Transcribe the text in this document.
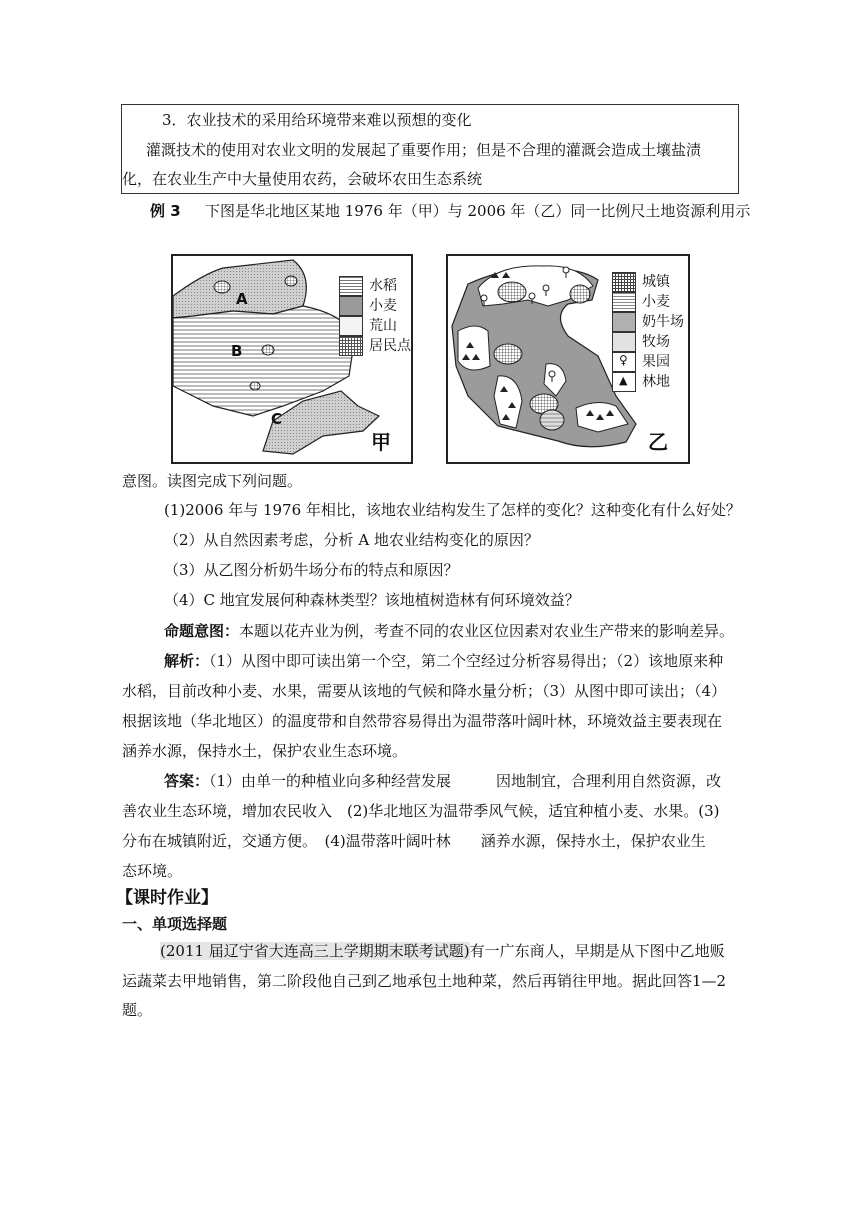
3．农业技术的采用给环境带来难以预想的变化
灌溉技术的使用对农业文明的发展起了重要作用；但是不合理的灌溉会造成土壤盐渍
化，在农业生产中大量使用农药，会破坏农田生态系统
例 3 下图是华北地区某地 1976 年（甲）与 2006 年（乙）同一比例尺土地资源利用示
A
B
C
甲
水稻
小麦
荒山
居民点
乙
城镇
小麦
奶牛场
牧场
♀ 果园
▲ 林地
意图。读图完成下列问题。
(1)2006 年与 1976 年相比，该地农业结构发生了怎样的变化？这种变化有什么好处？
（2）从自然因素考虑，分析 A 地农业结构变化的原因？
（3）从乙图分析奶牛场分布的特点和原因？
（4）C 地宜发展何种森林类型？该地植树造林有何环境效益？
命题意图：本题以花卉业为例，考查不同的农业区位因素对农业生产带来的影响差异。
解析：（1）从图中即可读出第一个空，第二个空经过分析容易得出；（2）该地原来种
水稻，目前改种小麦、水果，需要从该地的气候和降水量分析；（3）从图中即可读出；（4）
根据该地（华北地区）的温度带和自然带容易得出为温带落叶阔叶林，环境效益主要表现在
涵养水源，保持水土，保护农业生态环境。
答案：（1）由单一的种植业向多种经营发展　　　因地制宜，合理利用自然资源，改
善农业生态环境，增加农民收入　(2)华北地区为温带季风气候，适宜种植小麦、水果。(3)
分布在城镇附近，交通方便。　(4)温带落叶阔叶林　　涵养水源，保持水土，保护农业生
态环境。
【课时作业】
一、单项选择题
(2011 届辽宁省大连高三上学期期末联考试题)有一广东商人，早期是从下图中乙地贩
运蔬菜去甲地销售，第二阶段他自己到乙地承包土地种菜，然后再销往甲地。据此回答1—2
题。
